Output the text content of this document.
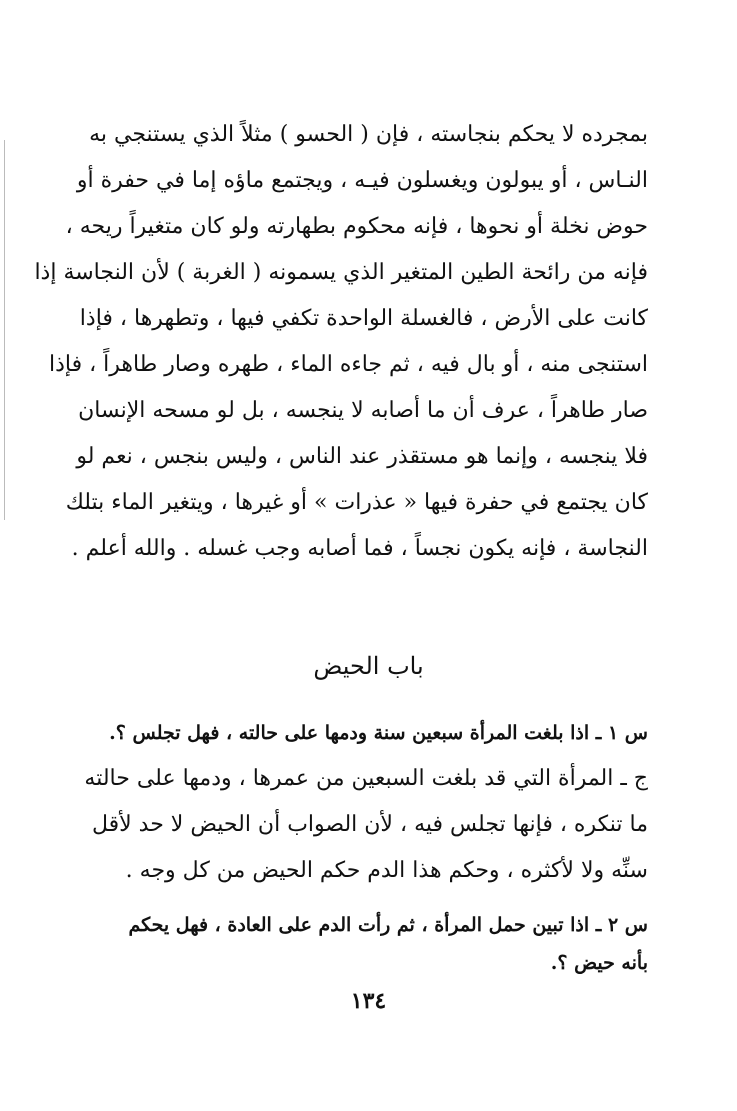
بمجرده لا يحكم بنجاسته ، فإن ( الحسو ) مثلاً الذي يستنجي به
النـاس ، أو يبولون ويغسلون فيـه ، ويجتمع ماؤه إما في حفرة أو
حوض نخلة أو نحوها ، فإنه محكوم بطهارته ولو كان متغيراً ريحه ،
فإنه من رائحة الطين المتغير الذي يسمونه ( الغربة ) لأن النجاسة إذا
كانت على الأرض ، فالغسلة الواحدة تكفي فيها ، وتطهرها ، فإذا
استنجى منه ، أو بال فيه ، ثم جاءه الماء ، طهره وصار طاهراً ، فإذا
صار طاهراً ، عرف أن ما أصابه لا ينجسه ، بل لو مسحه الإنسان
فلا ينجسه ، وإنما هو مستقذر عند الناس ، وليس بنجس ، نعم لو
كان يجتمع في حفرة فيها « عذرات » أو غيرها ، ويتغير الماء بتلك
النجاسة ، فإنه يكون نجساً ، فما أصابه وجب غسله . والله أعلم .
باب الحيض
س ١ ـ اذا بلغت المرأة سبعين سنة ودمها على حالته ، فهل تجلس ؟.
ج ـ المرأة التي قد بلغت السبعين من عمرها ، ودمها على حالته
ما تنكره ، فإنها تجلس فيه ، لأن الصواب أن الحيض لا حد لأقل
سنِّه ولا لأكثره ، وحكم هذا الدم حكم الحيض من كل وجه .
س ٢ ـ اذا تبين حمل المرأة ، ثم رأت الدم على العادة ، فهل يحكم
بأنه حيض ؟.
١٣٤
